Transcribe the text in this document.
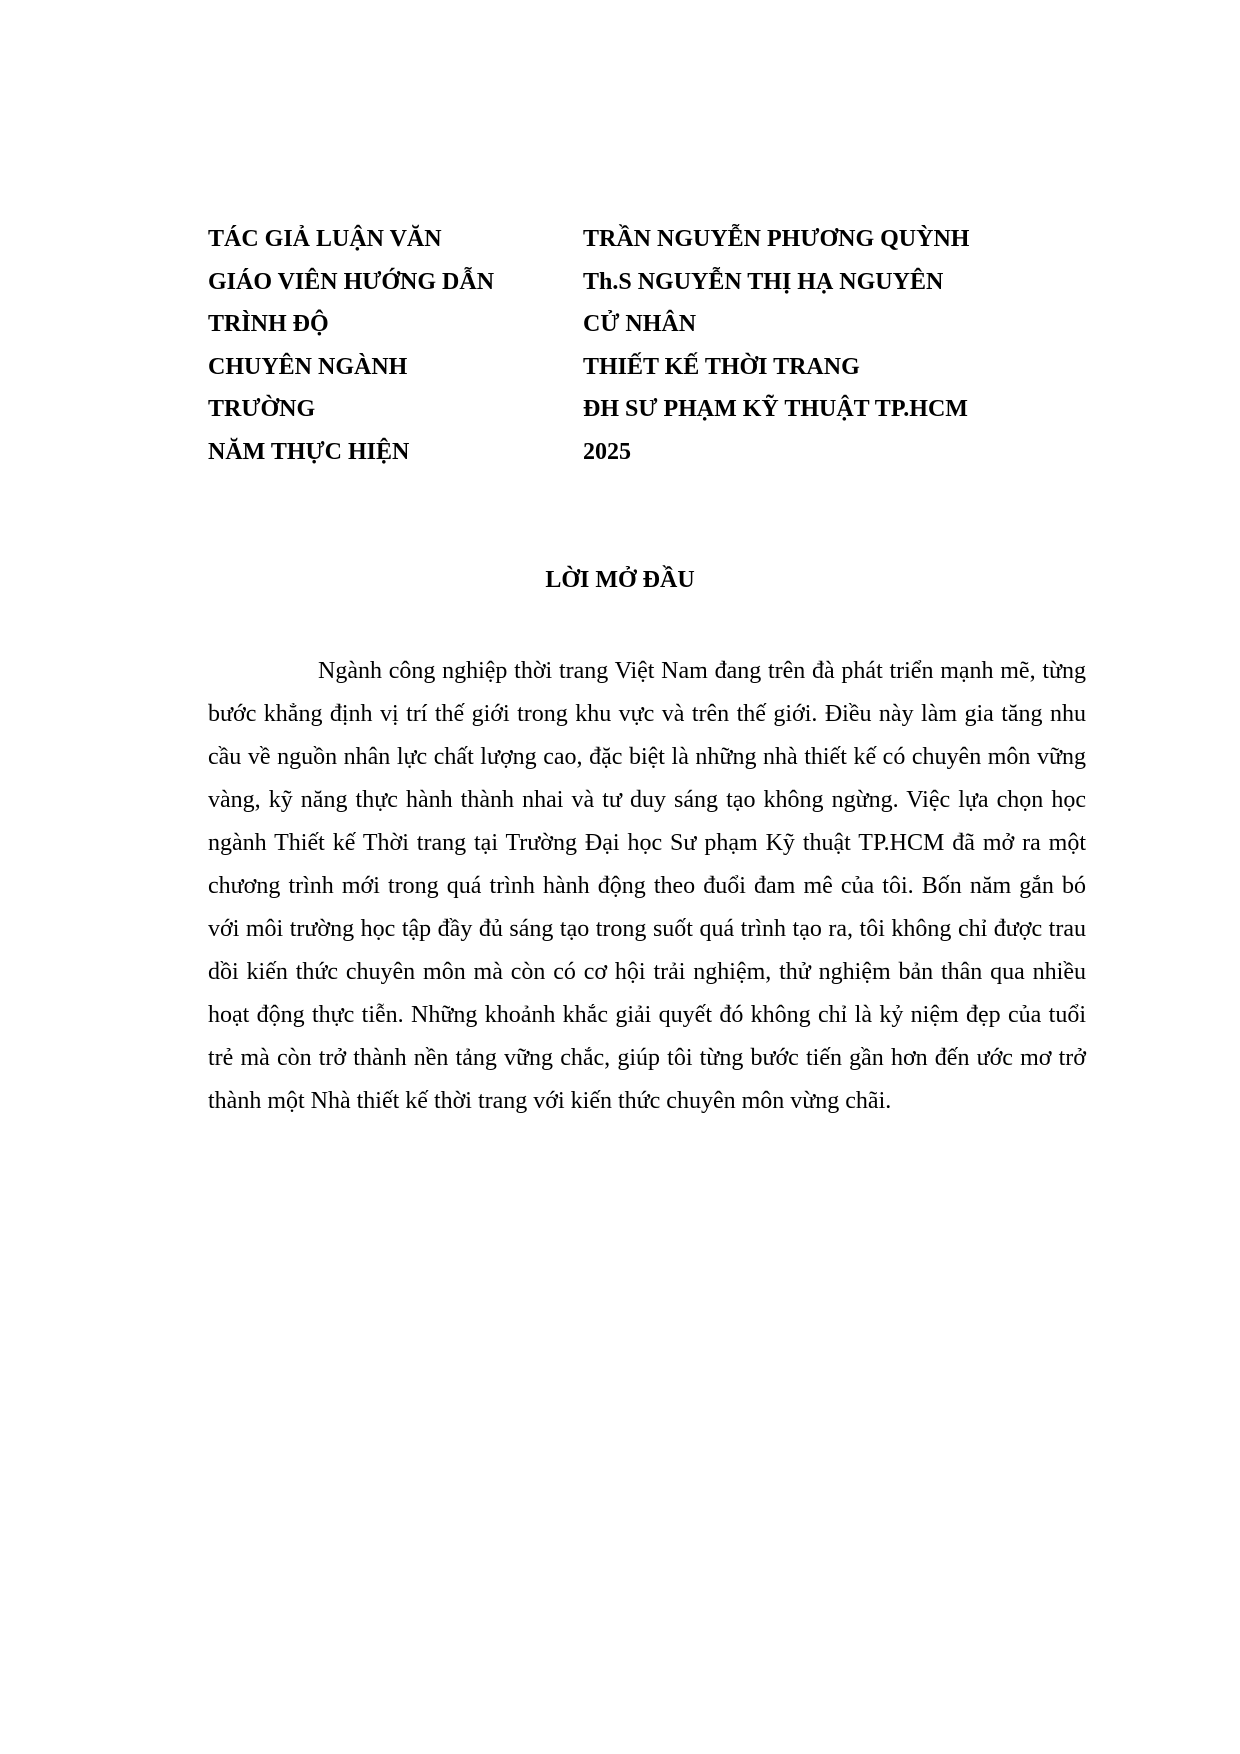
TÁC GIẢ LUẬN VĂN	TRẦN NGUYỄN PHƯƠNG QUỲNH
GIÁO VIÊN HƯỚNG DẪN	Th.S NGUYỄN THỊ HẠ NGUYÊN
TRÌNH ĐỘ	CỬ NHÂN
CHUYÊN NGÀNH	THIẾT KẾ THỜI TRANG
TRƯỜNG	ĐH SƯ PHẠM KỸ THUẬT TP.HCM
NĂM THỰC HIỆN	2025
LỜI MỞ ĐẦU

Ngành công nghiệp thời trang Việt Nam đang trên đà phát triển mạnh mẽ, từng bước khẳng định vị trí thế giới trong khu vực và trên thế giới. Điều này làm gia tăng nhu cầu về nguồn nhân lực chất lượng cao, đặc biệt là những nhà thiết kế có chuyên môn vững vàng, kỹ năng thực hành thành nhai và tư duy sáng tạo không ngừng. Việc lựa chọn học ngành Thiết kế Thời trang tại Trường Đại học Sư phạm Kỹ thuật TP.HCM đã mở ra một chương trình mới trong quá trình hành động theo đuổi đam mê của tôi. Bốn năm gắn bó với môi trường học tập đầy đủ sáng tạo trong suốt quá trình tạo ra, tôi không chỉ được trau dồi kiến thức chuyên môn mà còn có cơ hội trải nghiệm, thử nghiệm bản thân qua nhiều hoạt động thực tiễn. Những khoảnh khắc giải quyết đó không chỉ là kỷ niệm đẹp của tuổi trẻ mà còn trở thành nền tảng vững chắc, giúp tôi từng bước tiến gần hơn đến ước mơ trở thành một Nhà thiết kế thời trang với kiến thức chuyên môn vừng chãi.
